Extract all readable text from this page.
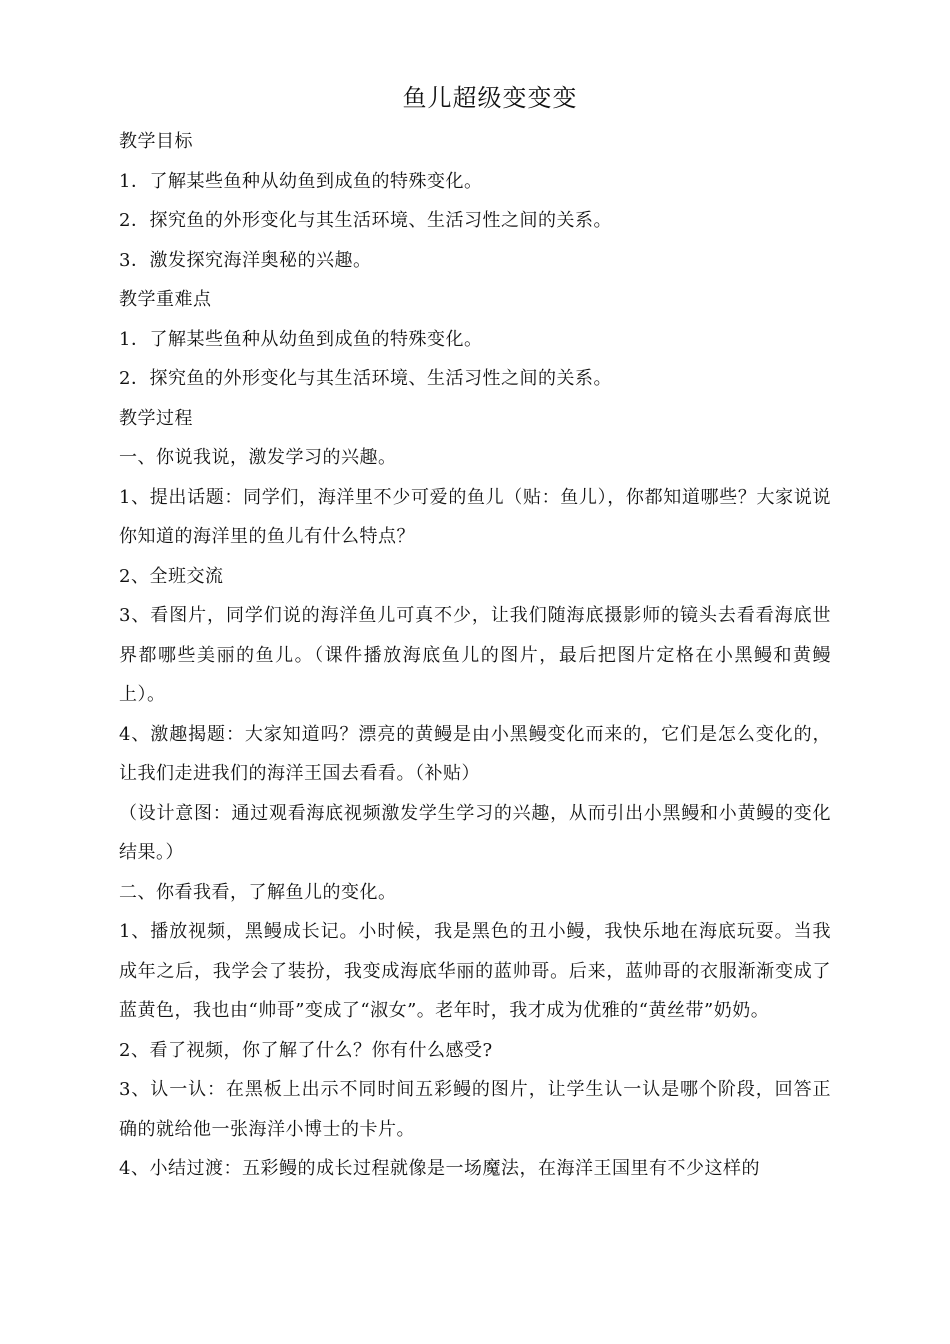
鱼儿超级变变变

教学目标

1．了解某些鱼种从幼鱼到成鱼的特殊变化。

2．探究鱼的外形变化与其生活环境、生活习性之间的关系。

3．激发探究海洋奥秘的兴趣。

教学重难点

1．了解某些鱼种从幼鱼到成鱼的特殊变化。

2．探究鱼的外形变化与其生活环境、生活习性之间的关系。

教学过程

一、你说我说，激发学习的兴趣。

1、提出话题：同学们，海洋里不少可爱的鱼儿（贴：鱼儿），你都知道哪些？大家说说你知道的海洋里的鱼儿有什么特点？

2、全班交流

3、看图片，同学们说的海洋鱼儿可真不少，让我们随海底摄影师的镜头去看看海底世界都哪些美丽的鱼儿。（课件播放海底鱼儿的图片，最后把图片定格在小黑鳗和黄鳗上）。

4、激趣揭题：大家知道吗？漂亮的黄鳗是由小黑鳗变化而来的，它们是怎么变化的，让我们走进我们的海洋王国去看看。（补贴）

（设计意图：通过观看海底视频激发学生学习的兴趣，从而引出小黑鳗和小黄鳗的变化结果。）

二、你看我看，了解鱼儿的变化。

1、播放视频，黑鳗成长记。小时候，我是黑色的丑小鳗，我快乐地在海底玩耍。当我成年之后，我学会了装扮，我变成海底华丽的蓝帅哥。后来，蓝帅哥的衣服渐渐变成了蓝黄色，我也由“帅哥”变成了“淑女”。老年时，我才成为优雅的“黄丝带”奶奶。

2、看了视频，你了解了什么？你有什么感受?

3、认一认：在黑板上出示不同时间五彩鳗的图片，让学生认一认是哪个阶段，回答正确的就给他一张海洋小博士的卡片。

4、小结过渡：五彩鳗的成长过程就像是一场魔法，在海洋王国里有不少这样的
